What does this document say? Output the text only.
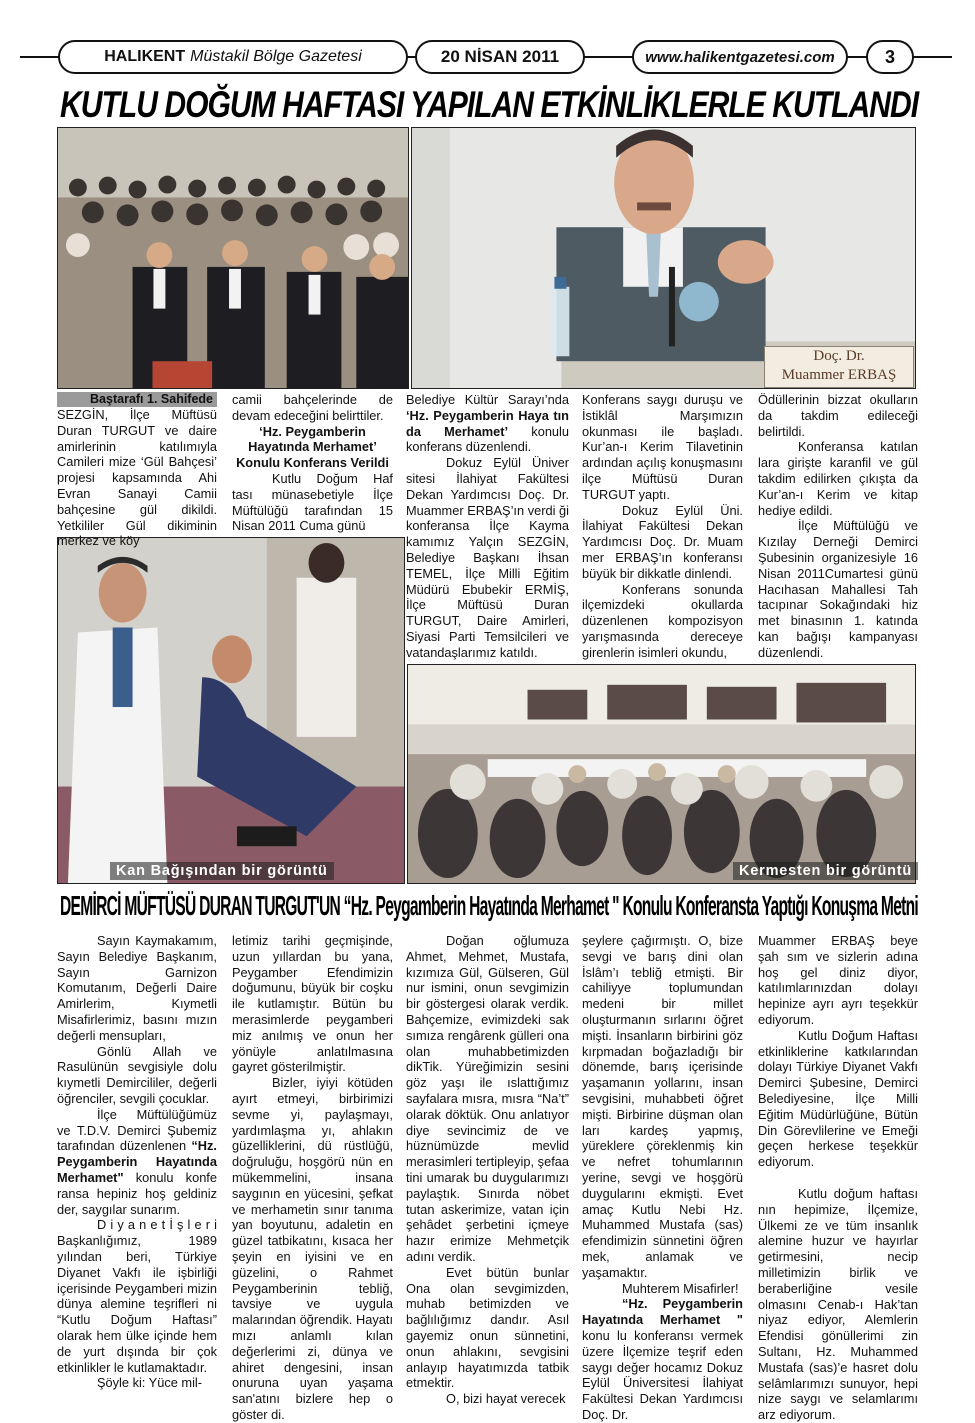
HALIKENT Müstakil Bölge Gazetesi	20 NİSAN 2011	www.halikentgazetesi.com	3
KUTLU DOĞUM HAFTASI YAPILAN ETKİNLİKLERLE KUTLANDI
Doç. Dr.
Muammer ERBAŞ
Kan Bağışından bir görüntü	Kermesten bir görüntü
Baştarafı 1. Sahifede

SEZGİN, İlçe Müftüsü Duran TURGUT ve daire amirlerinin katılımıyla Camileri mize ‘Gül Bahçesi’ projesi kapsamında Ahi Evran Sanayi Camii bahçesine gül dikildi. Yetkililer Gül dikiminin merkez ve köy

camii bahçelerinde de devam edeceğini belirttiler.

‘Hz. Peygamberin Hayatında Merhamet’ Konulu Konferans Verildi

Kutlu Doğum Haf tası münasebetiyle İlçe Müftülüğü tarafından 15 Nisan 2011 Cuma günü

Belediye Kültür Sarayı’nda ‘Hz. Peygamberin Haya tın da Merhamet’ konulu konferans düzenlendi.

Dokuz Eylül Üniver sitesi İlahiyat Fakültesi Dekan Yardımcısı Doç. Dr. Muammer ERBAŞ’ın verdi ği konferansa İlçe Kayma kamımız Yalçın SEZGİN, Belediye Başkanı İhsan TEMEL, İlçe Milli Eğitim Müdürü Ebubekir ERMİŞ, İlçe Müftüsü Duran TURGUT, Daire Amirleri, Siyasi Parti Temsilcileri ve vatandaşlarımız katıldı.

Konferans saygı duruşu ve İstiklâl Marşımızın okunması ile başladı. Kur’an-ı Kerim Tilavetinin ardından açılış konuşmasını ilçe Müftüsü Duran TURGUT yaptı.

Dokuz Eylül Üni. İlahiyat Fakültesi Dekan Yardımcısı Doç. Dr. Muam mer ERBAŞ’ın konferansı büyük bir dikkatle dinlendi.

Konferans sonunda ilçemizdeki okullarda düzenlenen kompozisyon yarışmasında dereceye girenlerin isimleri okundu,

Ödüllerinin bizzat okulların da takdim edileceği belirtildi.

Konferansa katılan lara girişte karanfil ve gül takdim edilirken çıkışta da Kur’an-ı Kerim ve kitap hediye edildi.

İlçe Müftülüğü ve Kızılay Derneği Demirci Şubesinin organizesiyle 16 Nisan 2011Cumartesi günü Hacıhasan Mahallesi Tah tacıpınar Sokağındaki hiz met binasının 1. katında kan bağışı kampanyası düzenlendi.

DEMİRCİ MÜFTÜSÜ DURAN TURGUT'UN “Hz. Peygamberin Hayatında Merhamet " Konulu Konferansta Yaptığı Konuşma Metni

Sayın Kaymakamım, Sayın Belediye Başkanım, Sayın Garnizon Komutanım, Değerli Daire Amirlerim, Kıymetli Misafirlerimiz, basını mızın değerli mensupları,

Gönlü Allah ve Rasulünün sevgisiyle dolu kıymetli Demircililer, değerli öğrenciler, sevgili çocuklar.

İlçe Müftülüğümüz ve T.D.V. Demirci Şubemiz tarafından düzenlenen “Hz. Peygamberin Hayatında Merhamet" konulu konfe ransa hepiniz hoş geldiniz der, saygılar sunarım.

D i y a n e t İ ş l e r i Başkanlığımız, 1989 yılından beri, Türkiye Diyanet Vakfı ile işbirliği içerisinde Peygamberi mizin dünya alemine teşrifleri ni “Kutlu Doğum Haftası” olarak hem ülke içinde hem de yurt dışında bir çok etkinlikler le kutlamaktadır.

Şöyle ki: Yüce mil-

letimiz tarihi geçmişinde, uzun yıllardan bu yana, Peygamber Efendimizin doğumunu, büyük bir coşku ile kutlamıştır. Bütün bu merasimlerde peygamberi miz anılmış ve onun her yönüyle anlatılmasına gayret gösterilmiştir.

Bizler, iyiyi kötüden ayırt etmeyi, birbirimizi sevme yi, paylaşmayı, yardımlaşma yı, ahlakın güzelliklerini, dü rüstlüğü, doğruluğu, hoşgörü nün en mükemmelini, insana saygının en yücesini, şefkat ve merhametin sınır tanıma yan boyutunu, adaletin en güzel tatbikatını, kısaca her şeyin en iyisini ve en güzelini, o Rahmet Peygamberinin tebliğ, tavsiye ve uygula malarından öğrendik. Hayatı mızı anlamlı kılan değerlerimi zi, dünya ve ahiret dengesini, insan onuruna uyan yaşama san'atını bizlere hep o göster di.

Doğan oğlumuza Ahmet, Mehmet, Mustafa, kızımıza Gül, Gülseren, Gül nur ismini, onun sevgimizin bir göstergesi olarak verdik. Bahçemize, evimizdeki sak sımıza rengârenk gülleri ona olan muhabbetimizden dikTik. Yüreğimizin sesini göz yaşı ile ıslattığımız sayfalara mısra, mısra “Na’t” olarak döktük. Onu anlatıyor diye sevincimiz de ve hüznümüzde mevlid merasimleri tertipleyip, şefaa tini umarak bu duygularımızı paylaştık. Sınırda nöbet tutan askerimize, vatan için şehâdet şerbetini içmeye hazır erimize Mehmetçik adını verdik.

Evet bütün bunlar Ona olan sevgimizden, muhab betimizden ve bağlılığımız dandır. Asıl gayemiz onun sünnetini, onun ahlakını, sevgisini anlayıp hayatımızda tatbik etmektir.

O, bizi hayat verecek

şeylere çağırmıştı. O, bize sevgi ve barış dini olan İslâm’ı tebliğ etmişti. Bir cahiliyye toplumundan medeni bir millet oluşturmanın sırlarını öğret mişti. İnsanların birbirini göz kırpmadan boğazladığı bir dönemde, barış içerisinde yaşamanın yollarını, insan sevgisini, muhabbeti öğret mişti. Birbirine düşman olan ları kardeş yapmış, yüreklere çöreklenmiş kin ve nefret tohumlarının yerine, sevgi ve hoşgörü duygularını ekmişti. Evet amaç Kutlu Nebi Hz. Muhammed Mustafa (sas) efendimizin sünnetini öğren mek, anlamak ve yaşamaktır.

Muhterem Misafirler!

“Hz. Peygamberin Hayatında Merhamet " konu lu konferansı vermek üzere İlçemize teşrif eden saygı değer hocamız Dokuz Eylül Üniversitesi İlahiyat Fakültesi Dekan Yardımcısı Doç. Dr.

Muammer ERBAŞ beye şah sım ve sizlerin adına hoş gel diniz diyor, katılımlarınızdan dolayı hepinize ayrı ayrı teşekkür ediyorum.

Kutlu Doğum Haftası etkinliklerine katkılarından dolayı Türkiye Diyanet Vakfı Demirci Şubesine, Demirci Belediyesine, İlçe Milli Eğitim Müdürlüğüne, Bütün Din Görevlilerine ve Emeği geçen herkese teşekkür ediyorum.

Kutlu doğum haftası nın hepimize, İlçemize, Ülkemi ze ve tüm insanlık alemine huzur ve hayırlar getirmesini, necip milletimizin birlik ve beraberliğine vesile olmasını Cenab-ı Hak’tan niyaz ediyor, Alemlerin Efendisi gönüllerimi zin Sultanı, Hz. Muhammed Mustafa (sas)’e hasret dolu selâmlarımızı sunuyor, hepi nize saygı ve selamlarımı arz ediyorum.
